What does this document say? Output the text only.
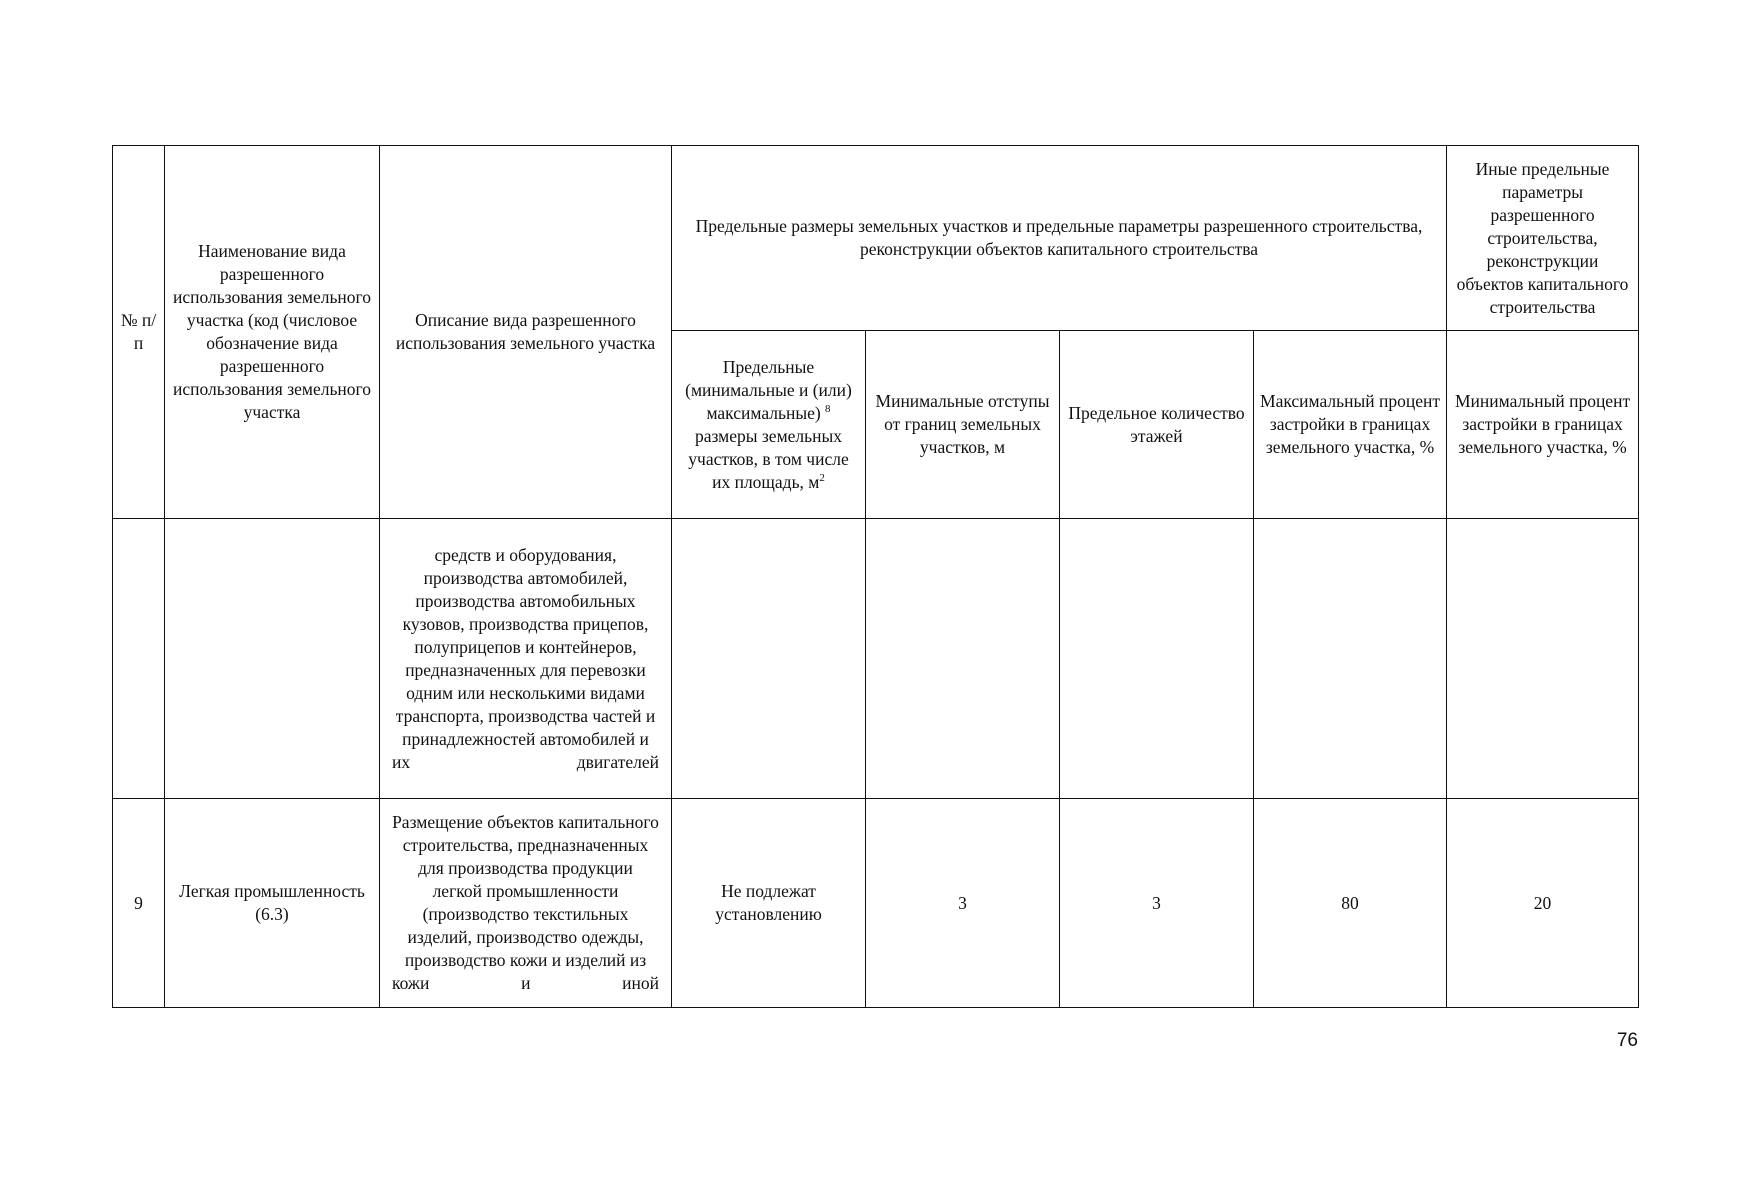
№ п/п	Наименование вида разрешенного использования земельного участка (код (числовое обозначение вида разрешенного использования земельного участка	Описание вида разрешенного использования земельного участка	Предельные размеры земельных участков и предельные параметры разрешенного строительства, реконструкции объектов капитального строительства				Иные предельные параметры разрешенного строительства, реконструкции объектов капитального строительства
			Предельные (минимальные и (или) максимальные) $^8$ размеры земельных участков, в том числе их площадь, $м^2$	Минимальные отступы от границ земельных участков, м	Предельное количество этажей	Максимальный процент застройки в границах земельного участка, %	Минимальный процент застройки в границах земельного участка, %
		средств и оборудования, производства автомобилей, производства автомобильных кузовов, производства прицепов, полуприцепов и контейнеров, предназначенных для перевозки одним или несколькими видами транспорта, производства частей и принадлежностей автомобилей и их двигателей					
9	Легкая промышленность (6.3)	Размещение объектов капитального строительства, предназначенных для производства продукции легкой промышленности (производство текстильных изделий, производство одежды, производство кожи и изделий из кожи и иной	Не подлежат установлению	3	3	80	20
76
